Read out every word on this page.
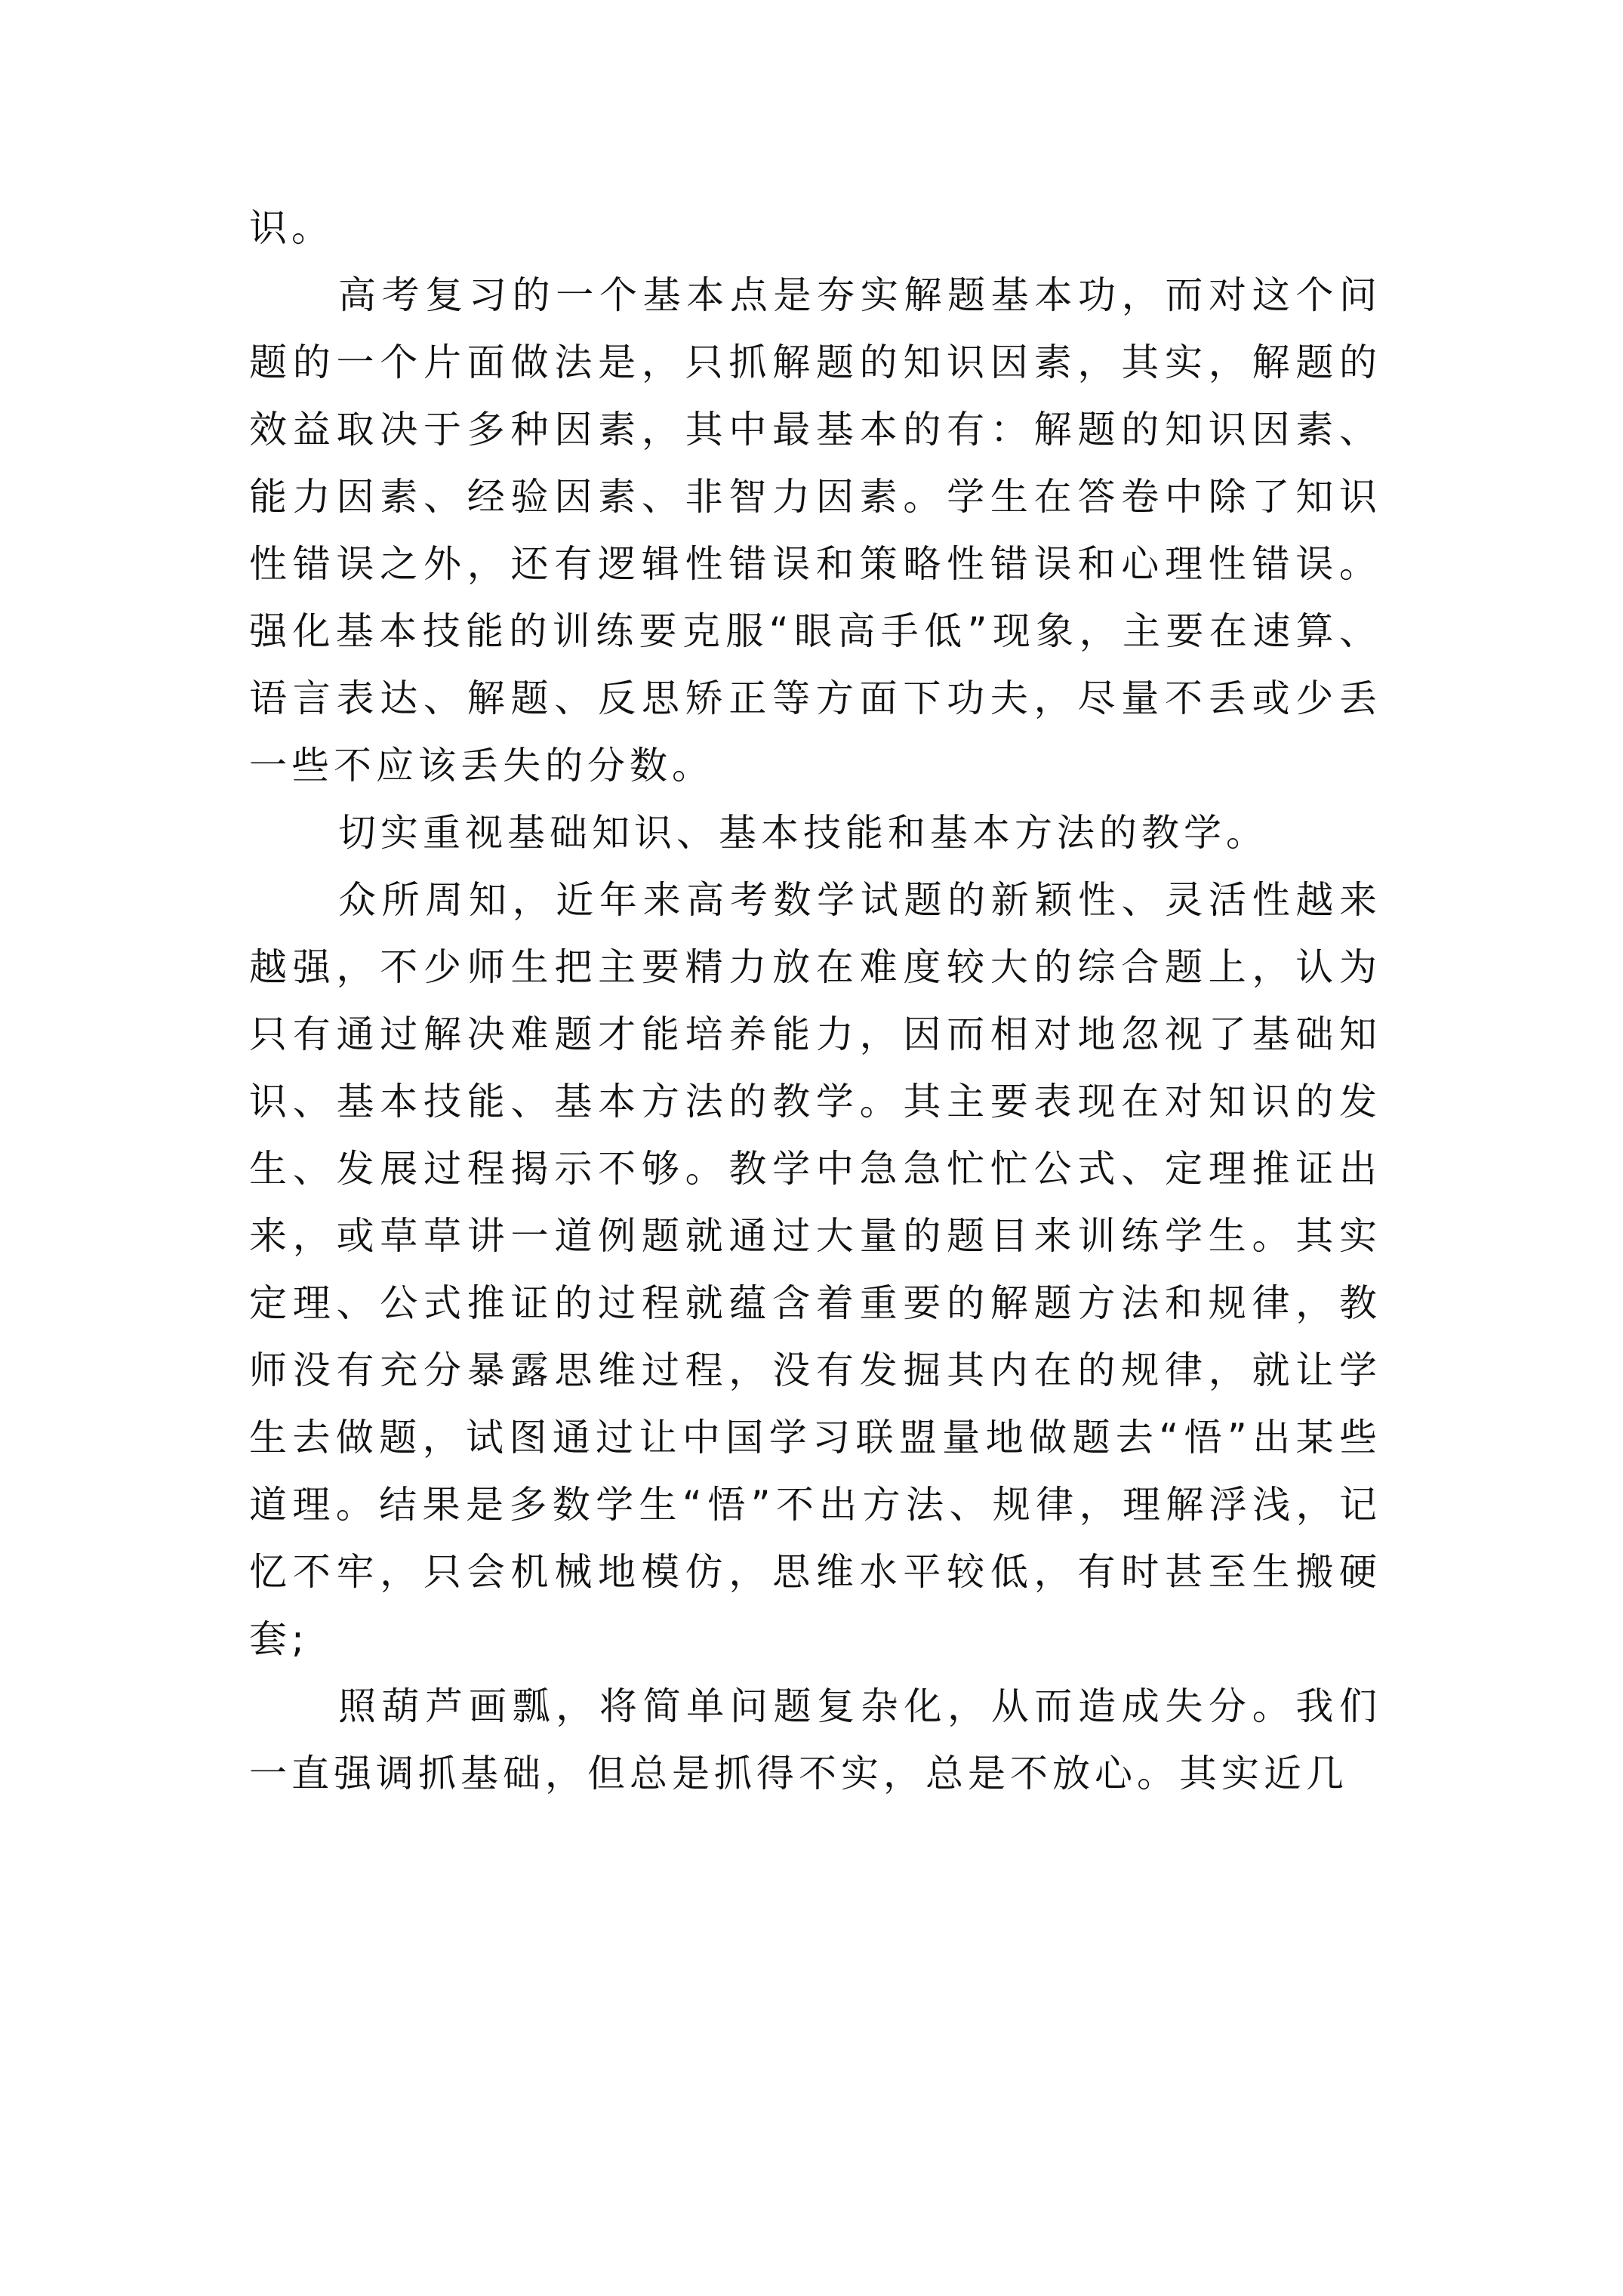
识。

高考复习的一个基本点是夯实解题基本功，而对这个问题的一个片面做法是，只抓解题的知识因素，其实，解题的效益取决于多种因素，其中最基本的有：解题的知识因素、能力因素、经验因素、非智力因素。学生在答卷中除了知识性错误之外，还有逻辑性错误和策略性错误和心理性错误。强化基本技能的训练要克服“眼高手低”现象，主要在速算、语言表达、解题、反思矫正等方面下功夫，尽量不丢或少丢一些不应该丢失的分数。

切实重视基础知识、基本技能和基本方法的教学。

众所周知，近年来高考数学试题的新颖性、灵活性越来越强，不少师生把主要精力放在难度较大的综合题上，认为只有通过解决难题才能培养能力，因而相对地忽视了基础知识、基本技能、基本方法的教学。其主要表现在对知识的发生、发展过程揭示不够。教学中急急忙忙公式、定理推证出来，或草草讲一道例题就通过大量的题目来训练学生。其实定理、公式推证的过程就蕴含着重要的解题方法和规律，教师没有充分暴露思维过程，没有发掘其内在的规律，就让学生去做题，试图通过让中国学习联盟量地做题去“悟”出某些道理。结果是多数学生“悟”不出方法、规律，理解浮浅，记忆不牢，只会机械地模仿，思维水平较低，有时甚至生搬硬套;

照葫芦画瓢，将简单问题复杂化，从而造成失分。我们一直强调抓基础，但总是抓得不实，总是不放心。其实近几
